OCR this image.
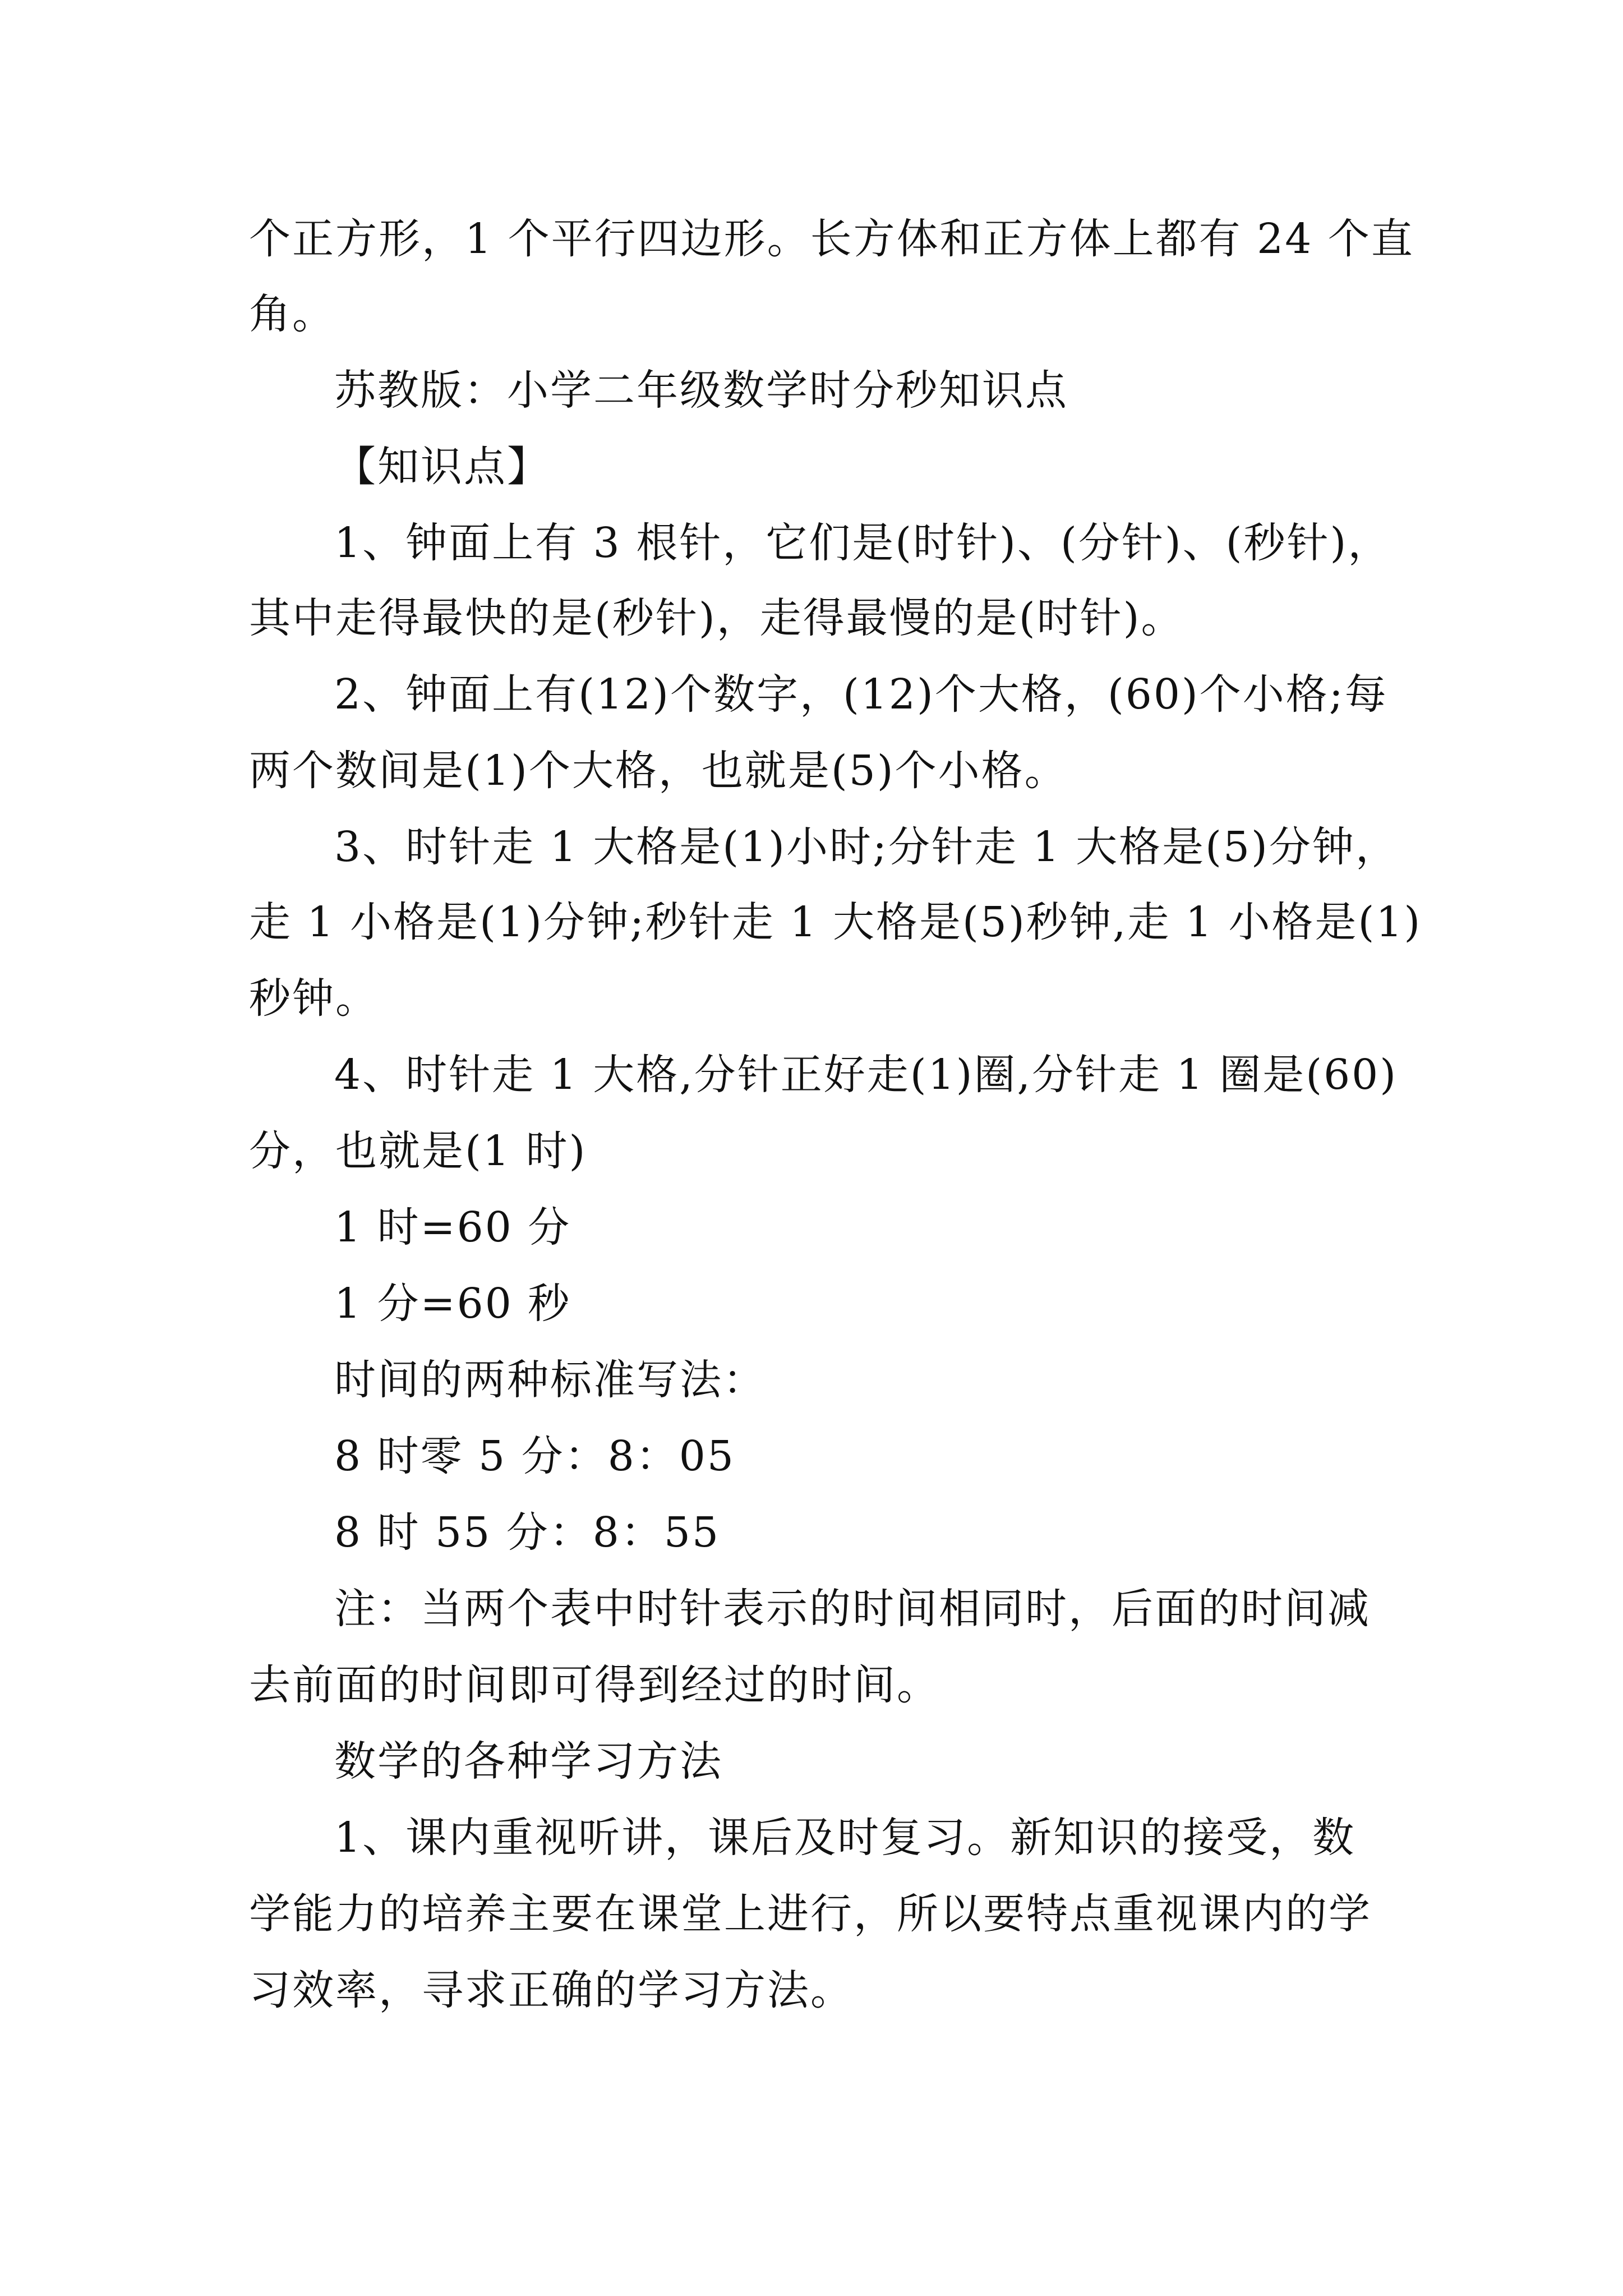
个正方形，1 个平行四边形。长方体和正方体上都有 24 个直

角。

苏教版：小学二年级数学时分秒知识点

【知识点】

1、钟面上有 3 根针，它们是(时针)、(分针)、(秒针)，

其中走得最快的是(秒针)，走得最慢的是(时针)。

2、钟面上有(12)个数字，(12)个大格，(60)个小格;每

两个数间是(1)个大格，也就是(5)个小格。

3、时针走 1 大格是(1)小时;分针走 1 大格是(5)分钟，

走 1 小格是(1)分钟;秒针走 1 大格是(5)秒钟,走 1 小格是(1)

秒钟。

4、时针走 1 大格,分针正好走(1)圈,分针走 1 圈是(60)

分，也就是(1 时)

1 时=60 分

1 分=60 秒

时间的两种标准写法：

8 时零 5 分：8：05

8 时 55 分：8：55

注：当两个表中时针表示的时间相同时，后面的时间减

去前面的时间即可得到经过的时间。

数学的各种学习方法

1、课内重视听讲，课后及时复习。新知识的接受，数

学能力的培养主要在课堂上进行，所以要特点重视课内的学

习效率，寻求正确的学习方法。
